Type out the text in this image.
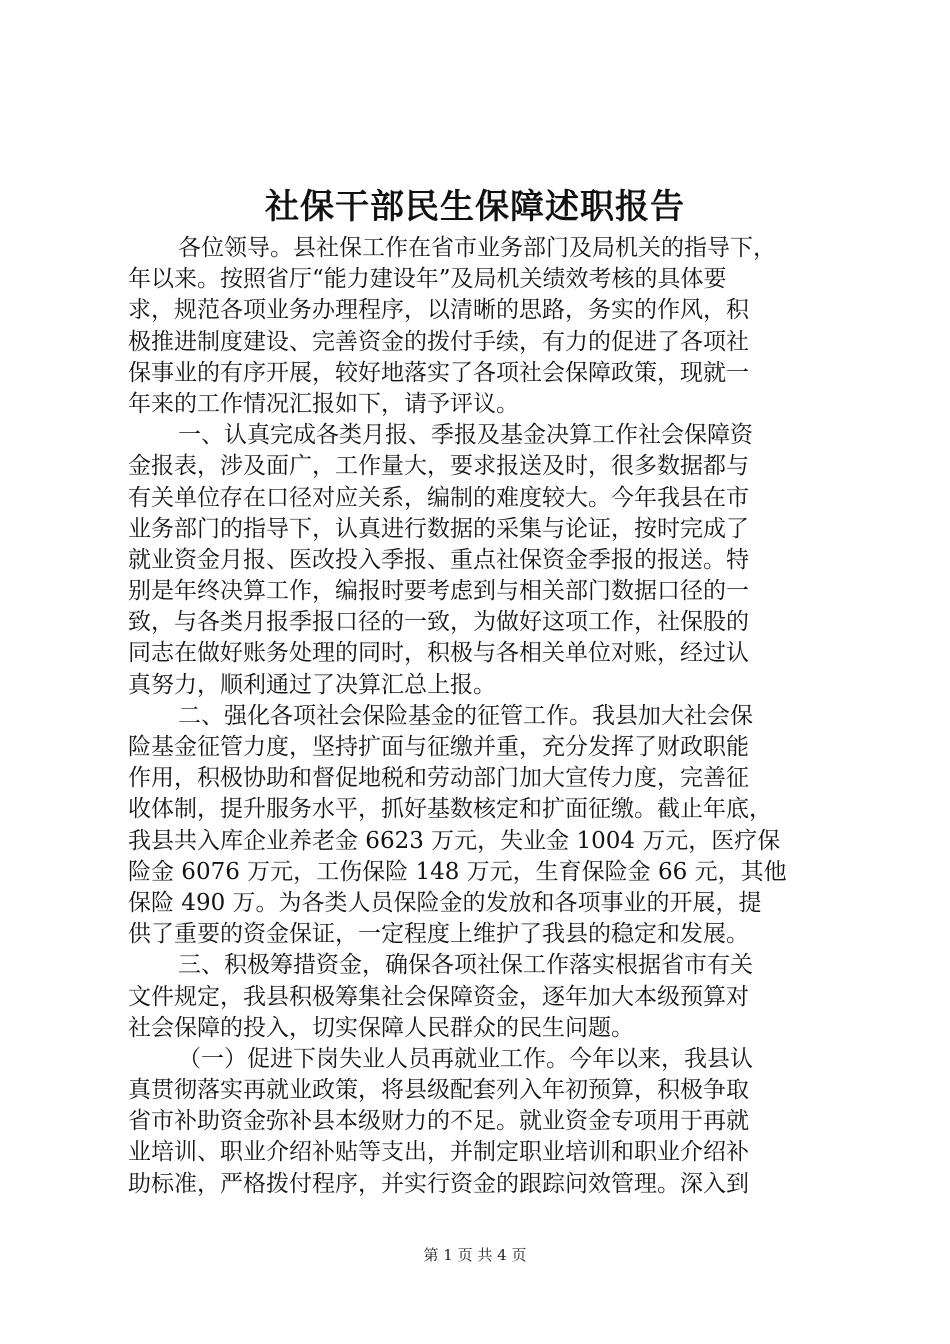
社保干部民生保障述职报告
各位领导。县社保工作在省市业务部门及局机关的指导下，
年以来。按照省厅“能力建设年”及局机关绩效考核的具体要
求，规范各项业务办理程序，以清晰的思路，务实的作风，积
极推进制度建设、完善资金的拨付手续，有力的促进了各项社
保事业的有序开展，较好地落实了各项社会保障政策，现就一
年来的工作情况汇报如下，请予评议。
一、认真完成各类月报、季报及基金决算工作社会保障资
金报表，涉及面广，工作量大，要求报送及时，很多数据都与
有关单位存在口径对应关系，编制的难度较大。今年我县在市
业务部门的指导下，认真进行数据的采集与论证，按时完成了
就业资金月报、医改投入季报、重点社保资金季报的报送。特
别是年终决算工作，编报时要考虑到与相关部门数据口径的一
致，与各类月报季报口径的一致，为做好这项工作，社保股的
同志在做好账务处理的同时，积极与各相关单位对账，经过认
真努力，顺利通过了决算汇总上报。
二、强化各项社会保险基金的征管工作。我县加大社会保
险基金征管力度，坚持扩面与征缴并重，充分发挥了财政职能
作用，积极协助和督促地税和劳动部门加大宣传力度，完善征
收体制，提升服务水平，抓好基数核定和扩面征缴。截止年底，
我县共入库企业养老金 6623 万元，失业金 1004 万元，医疗保
险金 6076 万元，工伤保险 148 万元，生育保险金 66 元，其他
保险 490 万。为各类人员保险金的发放和各项事业的开展，提
供了重要的资金保证，一定程度上维护了我县的稳定和发展。
三、积极筹措资金，确保各项社保工作落实根据省市有关
文件规定，我县积极筹集社会保障资金，逐年加大本级预算对
社会保障的投入，切实保障人民群众的民生问题。
（一）促进下岗失业人员再就业工作。今年以来，我县认
真贯彻落实再就业政策，将县级配套列入年初预算，积极争取
省市补助资金弥补县本级财力的不足。就业资金专项用于再就
业培训、职业介绍补贴等支出，并制定职业培训和职业介绍补
助标准，严格拨付程序，并实行资金的跟踪问效管理。深入到
第 1 页 共 4 页
